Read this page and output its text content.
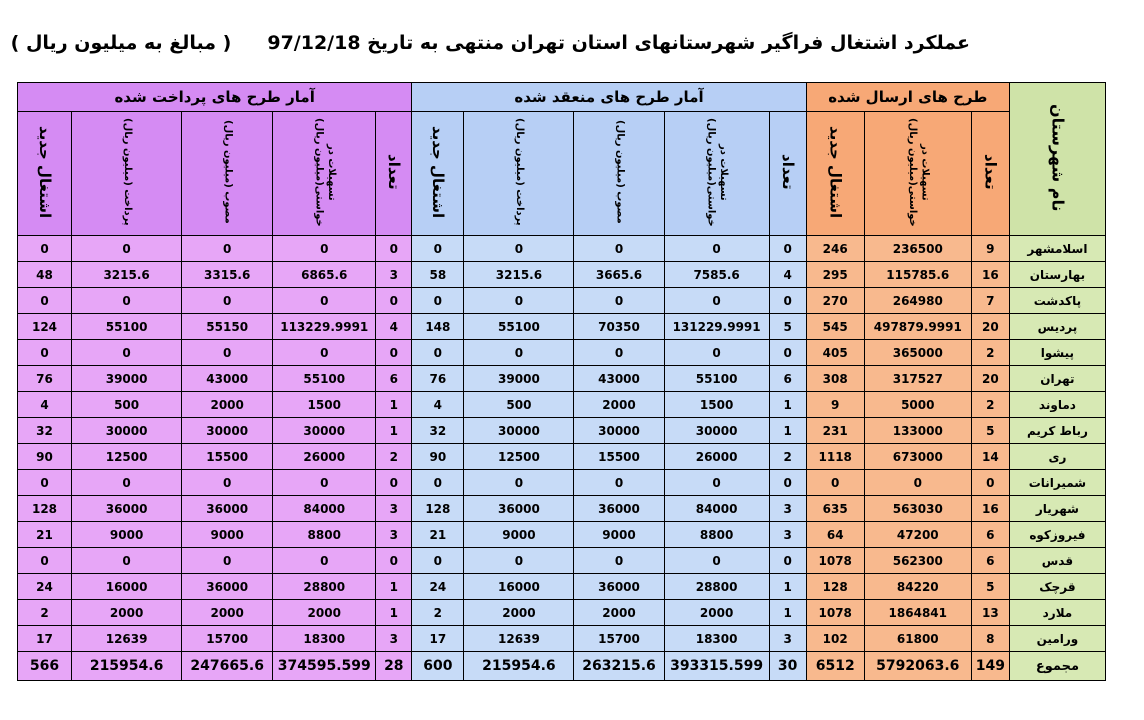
عملکرد اشتغال فراگیر شهرستانهای استان تهران منتهی به تاریخ 97/12/18( مبالغ به میلیون ریال )
آمار طرح های پرداخت شده					آمار طرح های منعقد شده					طرح های ارسال شده			نام شهرستان
اشتغال جدید	پرداخت (میلیون ریال)	مصوب (میلیون ریال)	تسهیلات در خواستی(میلیون ریال)	تعداد	اشتغال جدید	پرداخت (میلیون ریال)	مصوب (میلیون ریال)	تسهیلات در خواستی(میلیون ریال)	تعداد	اشتغال جدید	تسهیلات در خواستی(میلیون ریال)	تعداد	
0	0	0	0	0	0	0	0	0	0	246	236500	9	اسلامشهر
48	3215.6	3315.6	6865.6	3	58	3215.6	3665.6	7585.6	4	295	115785.6	16	بهارستان
0	0	0	0	0	0	0	0	0	0	270	264980	7	پاکدشت
124	55100	55150	113229.9991	4	148	55100	70350	131229.9991	5	545	497879.9991	20	پردیس
0	0	0	0	0	0	0	0	0	0	405	365000	2	پیشوا
76	39000	43000	55100	6	76	39000	43000	55100	6	308	317527	20	تهران
4	500	2000	1500	1	4	500	2000	1500	1	9	5000	2	دماوند
32	30000	30000	30000	1	32	30000	30000	30000	1	231	133000	5	رباط کریم
90	12500	15500	26000	2	90	12500	15500	26000	2	1118	673000	14	ری
0	0	0	0	0	0	0	0	0	0	0	0	0	شمیرانات
128	36000	36000	84000	3	128	36000	36000	84000	3	635	563030	16	شهریار
21	9000	9000	8800	3	21	9000	9000	8800	3	64	47200	6	فیروزکوه
0	0	0	0	0	0	0	0	0	0	1078	562300	6	قدس
24	16000	36000	28800	1	24	16000	36000	28800	1	128	84220	5	قرچک
2	2000	2000	2000	1	2	2000	2000	2000	1	1078	1864841	13	ملارد
17	12639	15700	18300	3	17	12639	15700	18300	3	102	61800	8	ورامین
566	215954.6	247665.6	374595.599	28	600	215954.6	263215.6	393315.599	30	6512	5792063.6	149	مجموع
